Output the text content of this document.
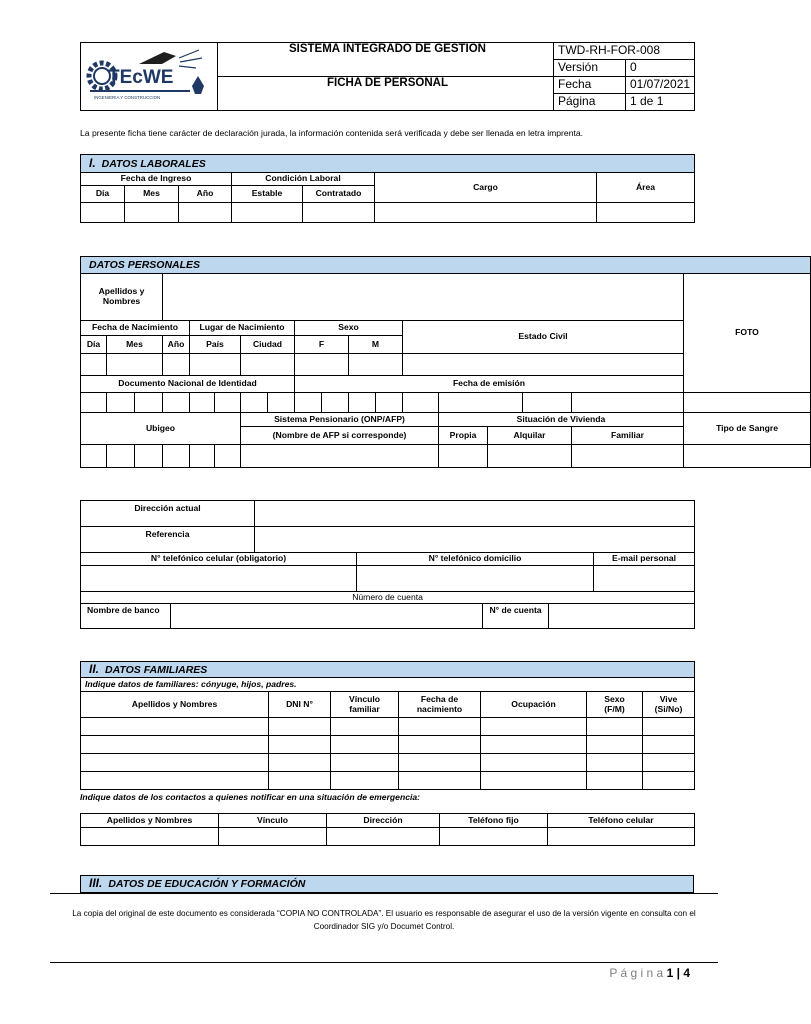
	SISTEMA INTEGRADO DE GESTION	TWD-RH-FOR-008	
		Versión	0
	FICHA DE PERSONAL	Fecha	01/07/2021
		Página	1 de 1
TEcWE
INGENIERIA Y CONSTRUCCION
La presente ficha tiene carácter de declaración jurada, la información contenida será verificada y debe ser llenada en letra imprenta.
I. DATOS LABORALES						
Fecha de Ingreso			Condición Laboral		Cargo	Área
Día	Mes	Año	Estable	Contratado		

DATOS PERSONALES																		
Apellidos y Nombres																	FOTO	
Fecha de Nacimiento				Lugar de Nacimiento				Sexo				Estado Civil						
Día	Mes		Año	País		Ciudad		F		M								

Documento Nacional de Identidad								Fecha de emisión										

Ubigeo						Sistema Pensionario (ONP/AFP)							Situación de Vivienda				Tipo de Sangre	
						(Nombre de AFP si corresponde)							Propia	Alquilar		Familiar		

Dirección actual						
Referencia						
N° telefónico celular (obligatorio)			N° telefónico domicilio			E-mail personal

Número de cuenta						
Nombre de banco				N° de cuenta		
II. DATOS FAMILIARES						
Indique datos de familiares: cónyuge, hijos, padres.						
Apellidos y Nombres	DNI N°	Vínculo familiar	Fecha de nacimiento	Ocupación	Sexo (F/M)	Vive (Si/No)

Indique datos de los contactos a quienes notificar en una situación de emergencia:
Apellidos y Nombres	Vínculo	Dirección	Teléfono fijo	Teléfono celular

III. DATOS DE EDUCACIÓN Y FORMACIÓN
La copia del original de este documento es considerada “COPIA NO CONTROLADA”. El usuario es responsable de asegurar el uso de la versión vigente en consulta con el Coordinador SIG y/o Documet Control.
P á g i n a 1 | 4
